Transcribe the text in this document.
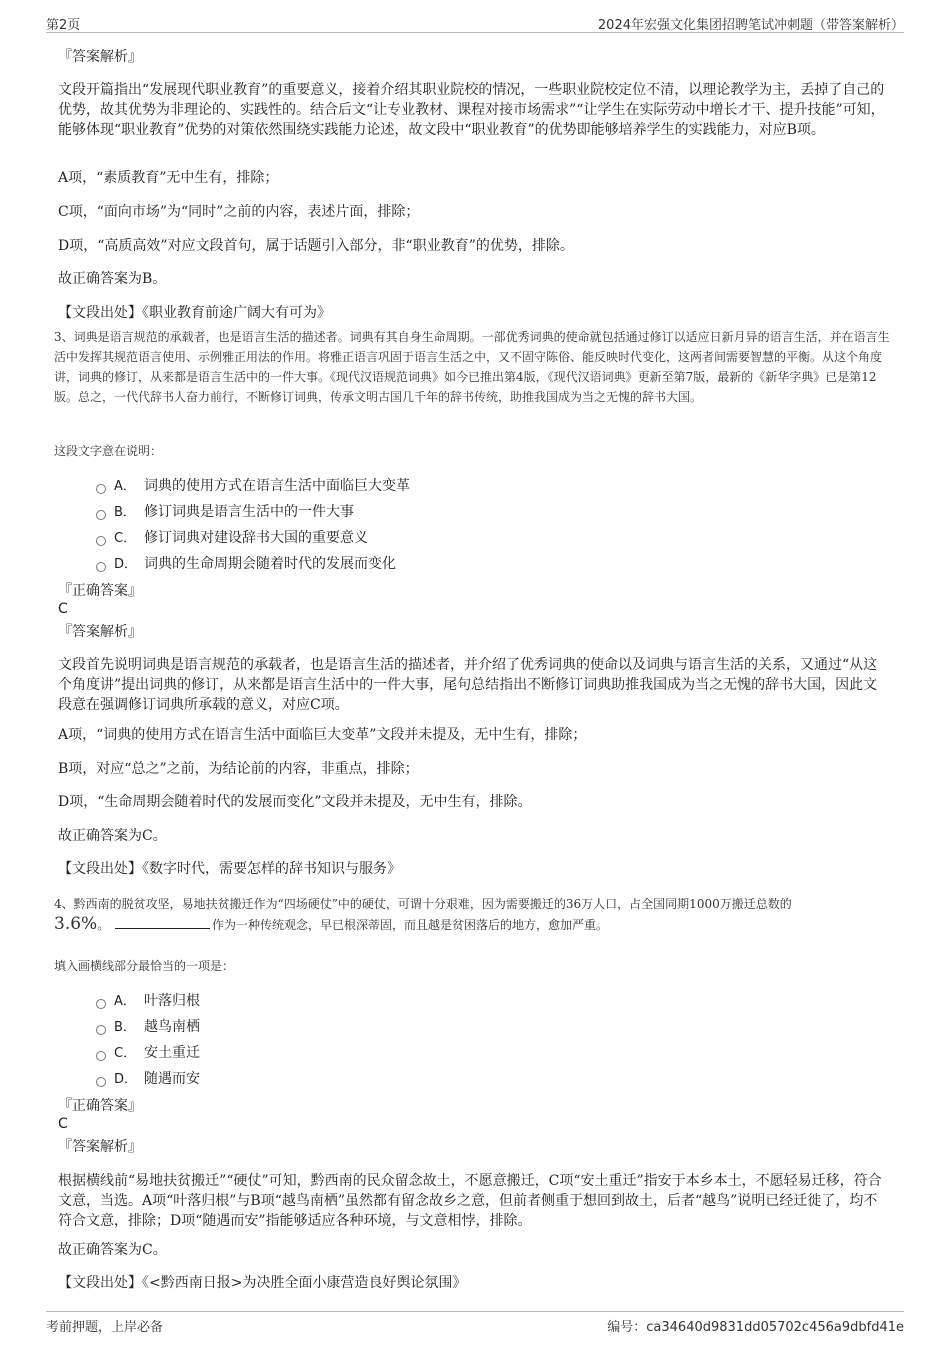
第2页	2024年宏强文化集团招聘笔试冲刺题（带答案解析）
『答案解析』
文段开篇指出“发展现代职业教育”的重要意义，接着介绍其职业院校的情况，一些职业院校定位不清，以理论教学为主，丢掉了自己的优势，故其优势为非理论的、实践性的。结合后文“让专业教材、课程对接市场需求”“让学生在实际劳动中增长才干、提升技能”可知，能够体现“职业教育”优势的对策依然围绕实践能力论述，故文段中“职业教育”的优势即能够培养学生的实践能力，对应B项。
A项，“素质教育”无中生有，排除；
C项，“面向市场”为“同时”之前的内容，表述片面，排除；
D项，“高质高效”对应文段首句，属于话题引入部分，非“职业教育”的优势，排除。
故正确答案为B。
【文段出处】《职业教育前途广阔大有可为》
3、词典是语言规范的承载者，也是语言生活的描述者。词典有其自身生命周期。一部优秀词典的使命就包括通过修订以适应日新月异的语言生活，并在语言生活中发挥其规范语言使用、示例雅正用法的作用。将雅正语言巩固于语言生活之中，又不固守陈俗、能反映时代变化，这两者间需要智慧的平衡。从这个角度讲，词典的修订，从来都是语言生活中的一件大事。《现代汉语规范词典》如今已推出第4版，《现代汉语词典》更新至第7版，最新的《新华字典》已是第12版。总之，一代代辞书人奋力前行，不断修订词典，传承文明古国几千年的辞书传统，助推我国成为当之无愧的辞书大国。
这段文字意在说明：
A． 词典的使用方式在语言生活中面临巨大变革
B． 修订词典是语言生活中的一件大事
C． 修订词典对建设辞书大国的重要意义
D． 词典的生命周期会随着时代的发展而变化
『正确答案』
C
『答案解析』
文段首先说明词典是语言规范的承载者，也是语言生活的描述者，并介绍了优秀词典的使命以及词典与语言生活的关系，又通过“从这个角度讲”提出词典的修订，从来都是语言生活中的一件大事，尾句总结指出不断修订词典助推我国成为当之无愧的辞书大国，因此文段意在强调修订词典所承载的意义，对应C项。
A项，“词典的使用方式在语言生活中面临巨大变革”文段并未提及，无中生有，排除；
B项，对应“总之”之前，为结论前的内容，非重点，排除；
D项，“生命周期会随着时代的发展而变化”文段并未提及，无中生有，排除。
故正确答案为C。
【文段出处】《数字时代，需要怎样的辞书知识与服务》
4、黔西南的脱贫攻坚，易地扶贫搬迁作为“四场硬仗”中的硬仗，可谓十分艰难，因为需要搬迁的36万人口，占全国同期1000万搬迁总数的
3.6%。	作为一种传统观念，早已根深蒂固，而且越是贫困落后的地方，愈加严重。
填入画横线部分最恰当的一项是：
A． 叶落归根
B． 越鸟南栖
C． 安土重迁
D． 随遇而安
『正确答案』
C
『答案解析』
根据横线前“易地扶贫搬迁”“硬仗”可知，黔西南的民众留念故土，不愿意搬迁，C项“安土重迁”指安于本乡本土，不愿轻易迁移，符合文意，当选。A项“叶落归根”与B项“越鸟南栖”虽然都有留念故乡之意，但前者侧重于想回到故土，后者“越鸟”说明已经迁徙了，均不符合文意，排除；D项“随遇而安”指能够适应各种环境，与文意相悖，排除。
故正确答案为C。
【文段出处】《<黔西南日报>为决胜全面小康营造良好舆论氛围》
考前押题，上岸必备	编号：ca34640d9831dd05702c456a9dbfd41e
